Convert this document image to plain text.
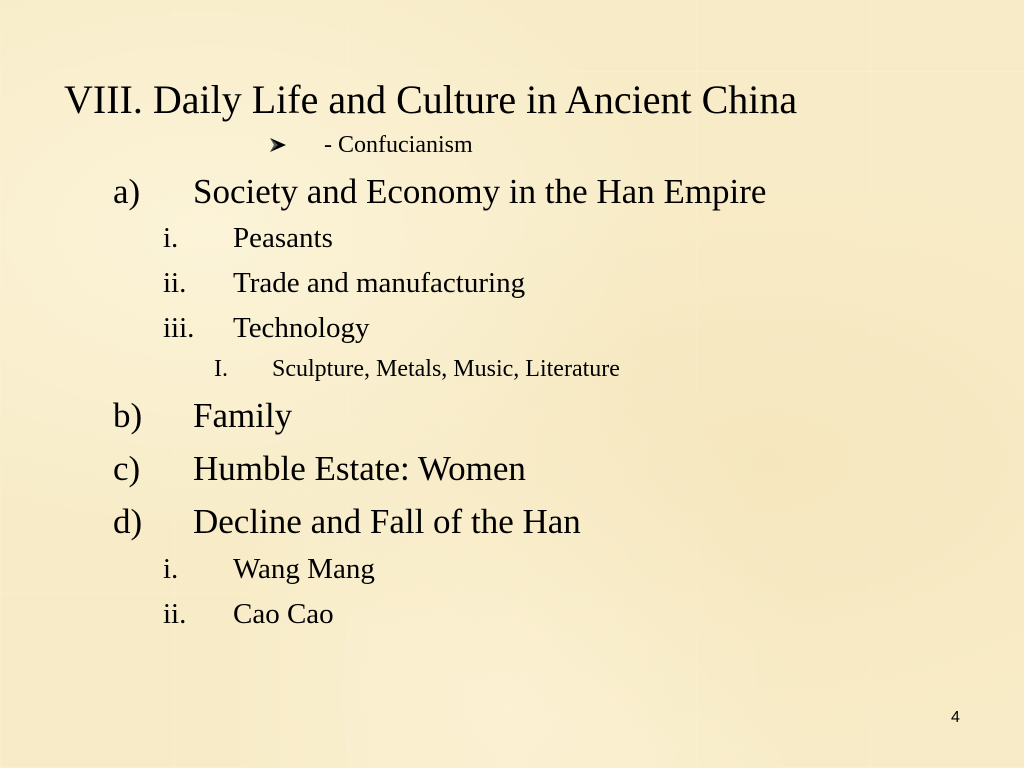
VIII. Daily Life and Culture in Ancient China
- Confucianism
a) Society and Economy in the Han Empire
i. Peasants
ii. Trade and manufacturing
iii. Technology
I. Sculpture, Metals, Music, Literature
b) Family
c) Humble Estate: Women
d) Decline and Fall of the Han
i. Wang Mang
ii. Cao Cao
4
